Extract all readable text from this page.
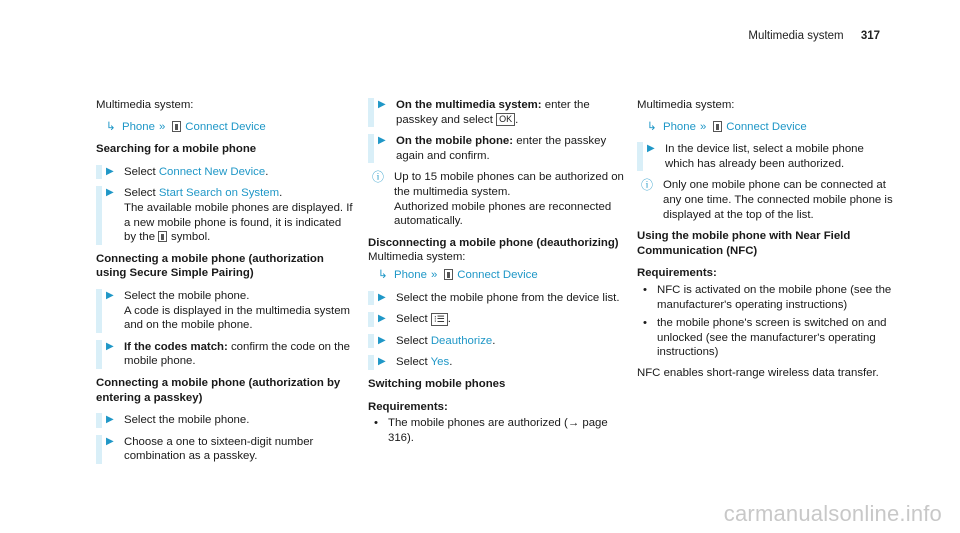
Multimedia system 317
Multimedia system:
↳ Phone » Connect Device
Searching for a mobile phone
▶ Select Connect New Device.
▶ Select Start Search on System.
The available mobile phones are displayed. If a new mobile phone is found, it is indicated by the symbol.
Connecting a mobile phone (authorization using Secure Simple Pairing)
▶ Select the mobile phone.
A code is displayed in the multimedia system and on the mobile phone.
▶ If the codes match: confirm the code on the mobile phone.
Connecting a mobile phone (authorization by entering a passkey)
▶ Select the mobile phone.
▶ Choose a one to sixteen-digit number combination as a passkey.
▶ On the multimedia system: enter the passkey and select OK .
▶ On the mobile phone: enter the passkey again and confirm.
ⓘ Up to 15 mobile phones can be authorized on the multimedia system.
Authorized mobile phones are reconnected automatically.
Disconnecting a mobile phone (deauthorizing)
Multimedia system:
↳ Phone » Connect Device
▶ Select the mobile phone from the device list.
▶ Select ⁝☰ .
▶ Select Deauthorize.
▶ Select Yes.
Switching mobile phones
Requirements:
• The mobile phones are authorized (→ page 316).
Multimedia system:
↳ Phone » Connect Device
▶ In the device list, select a mobile phone which has already been authorized.
ⓘ Only one mobile phone can be connected at any one time. The connected mobile phone is displayed at the top of the list.
Using the mobile phone with Near Field Communication (NFC)
Requirements:
• NFC is activated on the mobile phone (see the manufacturer's operating instructions)
• the mobile phone's screen is switched on and unlocked (see the manufacturer's operating instructions)
NFC enables short-range wireless data transfer.
carmanualsonline.info
